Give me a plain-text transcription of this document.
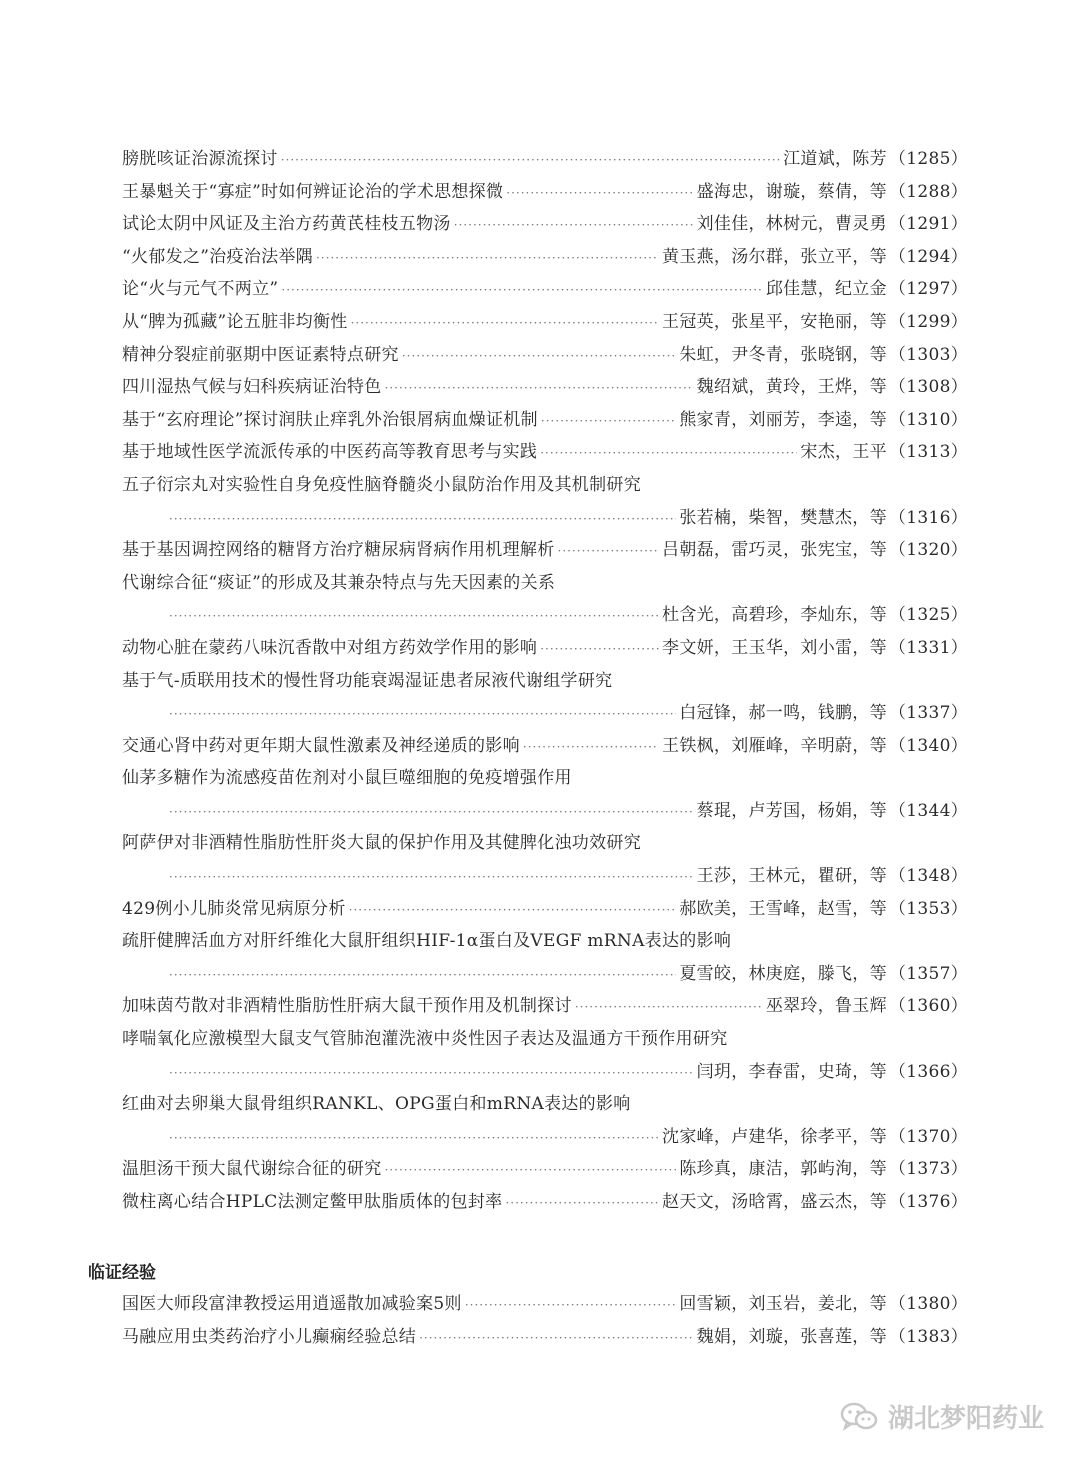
膀胱咳证治源流探讨 ·····	江道斌，陈芳 （1285）
王暴魁关于“寡症”时如何辨证论治的学术思想探微 ·····	盛海忠，谢璇，蔡倩，等 （1288）
试论太阴中风证及主治方药黄芪桂枝五物汤 ·····	刘佳佳，林树元，曹灵勇 （1291）
“火郁发之”治疫治法举隅 ·····	黄玉燕，汤尔群，张立平，等 （1294）
论“火与元气不两立” ·····	邱佳慧，纪立金 （1297）
从“脾为孤藏”论五脏非均衡性 ·····	王冠英，张星平，安艳丽，等 （1299）
精神分裂症前驱期中医证素特点研究 ·····	朱虹，尹冬青，张晓钢，等 （1303）
四川湿热气候与妇科疾病证治特色 ·····	魏绍斌，黄玲，王烨，等 （1308）
基于“玄府理论”探讨润肤止痒乳外治银屑病血燥证机制 ·····	熊家青，刘丽芳，李逵，等 （1310）
基于地域性医学流派传承的中医药高等教育思考与实践 ·····	宋杰，王平 （1313）
五子衍宗丸对实验性自身免疫性脑脊髓炎小鼠防治作用及其机制研究
·····
张若楠，柴智，樊慧杰，等 （1316）
基于基因调控网络的糖肾方治疗糖尿病肾病作用机理解析 ·····	吕朝磊，雷巧灵，张宪宝，等 （1320）
代谢综合征“痰证”的形成及其兼杂特点与先天因素的关系
·····
杜含光，高碧珍，李灿东，等 （1325）
动物心脏在蒙药八味沉香散中对组方药效学作用的影响 ·····	李文妍，王玉华，刘小雷，等 （1331）
基于气-质联用技术的慢性肾功能衰竭湿证患者尿液代谢组学研究
·····
白冠锋，郝一鸣，钱鹏，等 （1337）
交通心肾中药对更年期大鼠性激素及神经递质的影响 ·····	王铁枫，刘雁峰，辛明蔚，等 （1340）
仙茅多糖作为流感疫苗佐剂对小鼠巨噬细胞的免疫增强作用
·····
蔡琨，卢芳国，杨娟，等 （1344）
阿萨伊对非酒精性脂肪性肝炎大鼠的保护作用及其健脾化浊功效研究
·····
王莎，王林元，瞿研，等 （1348）
429例小儿肺炎常见病原分析 ·····	郝欧美，王雪峰，赵雪，等 （1353）
疏肝健脾活血方对肝纤维化大鼠肝组织HIF-1α蛋白及VEGF mRNA表达的影响
·····
夏雪皎，林庚庭，滕飞，等 （1357）
加味茵芍散对非酒精性脂肪性肝病大鼠干预作用及机制探讨 ·····	巫翠玲，鲁玉辉 （1360）
哮喘氧化应激模型大鼠支气管肺泡灌洗液中炎性因子表达及温通方干预作用研究
·····
闫玥，李春雷，史琦，等 （1366）
红曲对去卵巢大鼠骨组织RANKL、OPG蛋白和mRNA表达的影响
·····
沈家峰，卢建华，徐孝平，等 （1370）
温胆汤干预大鼠代谢综合征的研究 ·····	陈珍真，康洁，郭屿洵，等 （1373）
微柱离心结合HPLC法测定鳖甲肽脂质体的包封率 ·····	赵天文，汤晗霄，盛云杰，等 （1376）
临证经验
国医大师段富津教授运用逍遥散加减验案5则 ·····	回雪颖，刘玉岩，姜北，等 （1380）
马融应用虫类药治疗小儿癫痫经验总结 ·····	魏娟，刘璇，张喜莲，等 （1383）
湖北梦阳药业
